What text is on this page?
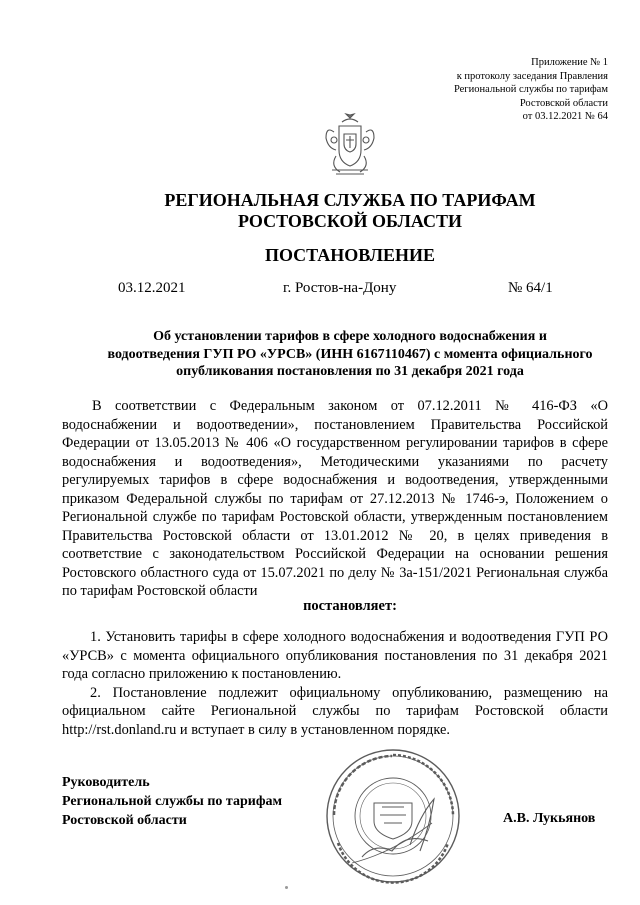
Приложение № 1
к протоколу заседания Правления
Региональной службы по тарифам
Ростовской области
от 03.12.2021 № 64
РЕГИОНАЛЬНАЯ СЛУЖБА ПО ТАРИФАМ
РОСТОВСКОЙ ОБЛАСТИ
ПОСТАНОВЛЕНИЕ
03.12.2021	г. Ростов-на-Дону	№ 64/1
Об установлении тарифов в сфере холодного водоснабжения и
водоотведения ГУП РО «УРСВ» (ИНН 6167110467) с момента официального
опубликования постановления по 31 декабря 2021 года
В соответствии с Федеральным законом от 07.12.2011 № 416-ФЗ «О водоснабжении и водоотведении», постановлением Правительства Российской Федерации от 13.05.2013 № 406 «О государственном регулировании тарифов в сфере водоснабжения и водоотведения», Методическими указаниями по расчету регулируемых тарифов в сфере водоснабжения и водоотведения, утвержденными приказом Федеральной службы по тарифам от 27.12.2013 № 1746-э, Положением о Региональной службе по тарифам Ростовской области, утвержденным постановлением Правительства Ростовской области от 13.01.2012 № 20, в целях приведения в соответствие с законодательством Российской Федерации на основании решения Ростовского областного суда от 15.07.2021 по делу № 3а-151/2021 Региональная служба по тарифам Ростовской области
постановляет:

1. Установить тарифы в сфере холодного водоснабжения и водоотведения ГУП РО «УРСВ» с момента официального опубликования постановления по 31 декабря 2021 года согласно приложению к постановлению.

2. Постановление подлежит официальному опубликованию, размещению на официальном сайте Региональной службы по тарифам Ростовской области http://rst.donland.ru и вступает в силу в установленном порядке.

Руководитель
Региональной службы по тарифам
Ростовской области	А.В. Лукьянов
